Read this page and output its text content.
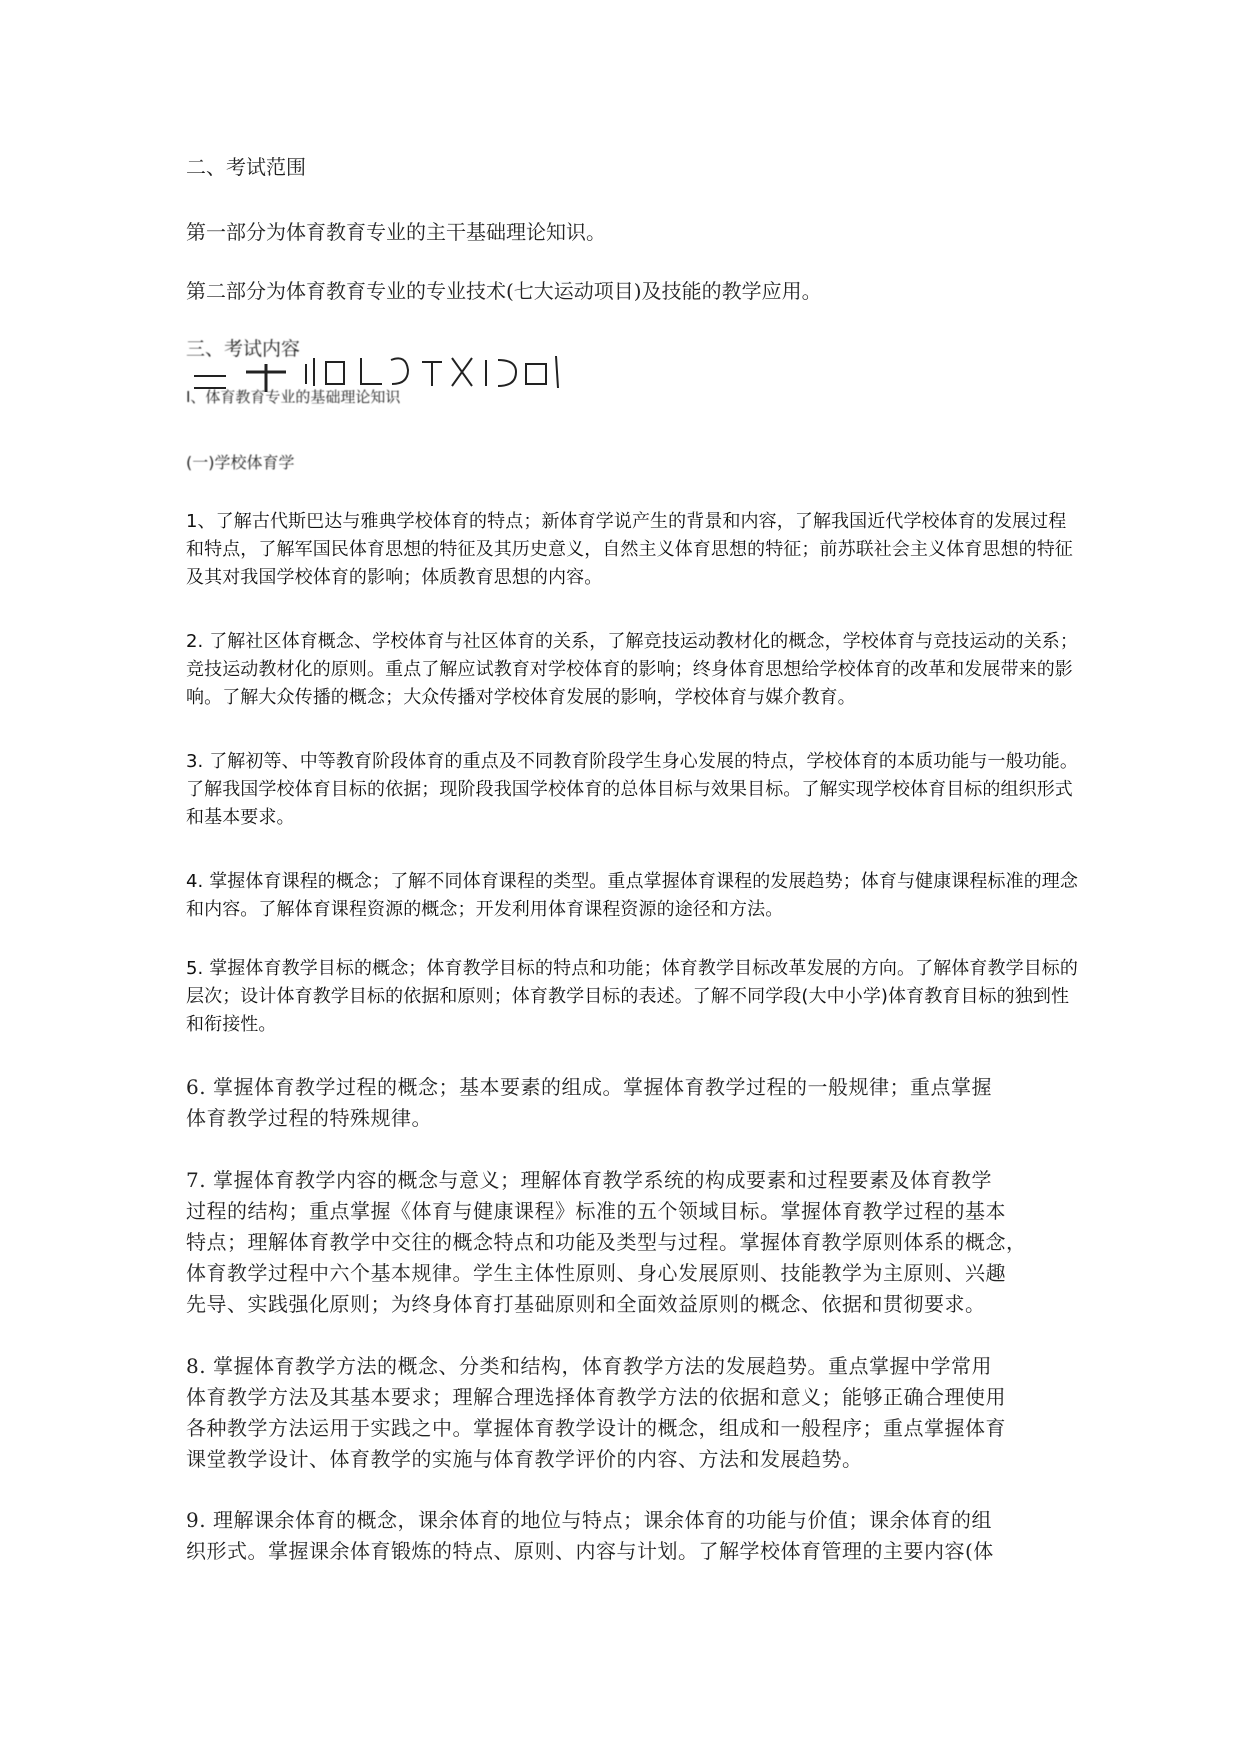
二、考试范围
第一部分为体育教育专业的主干基础理论知识。
第二部分为体育教育专业的专业技术(七大运动项目)及技能的教学应用。
三、考试内容
I、体育教育专业的基础理论知识
(一)学校体育学
1、了解古代斯巴达与雅典学校体育的特点；新体育学说产生的背景和内容，了解我国近代学校体育的发展过程
和特点，了解军国民体育思想的特征及其历史意义，自然主义体育思想的特征；前苏联社会主义体育思想的特征
及其对我国学校体育的影响；体质教育思想的内容。
2. 了解社区体育概念、学校体育与社区体育的关系，了解竞技运动教材化的概念，学校体育与竞技运动的关系；
竞技运动教材化的原则。重点了解应试教育对学校体育的影响；终身体育思想给学校体育的改革和发展带来的影
响。了解大众传播的概念；大众传播对学校体育发展的影响，学校体育与媒介教育。
3. 了解初等、中等教育阶段体育的重点及不同教育阶段学生身心发展的特点，学校体育的本质功能与一般功能。
了解我国学校体育目标的依据；现阶段我国学校体育的总体目标与效果目标。了解实现学校体育目标的组织形式
和基本要求。
4. 掌握体育课程的概念；了解不同体育课程的类型。重点掌握体育课程的发展趋势；体育与健康课程标准的理念
和内容。了解体育课程资源的概念；开发利用体育课程资源的途径和方法。
5. 掌握体育教学目标的概念；体育教学目标的特点和功能；体育教学目标改革发展的方向。了解体育教学目标的
层次；设计体育教学目标的依据和原则；体育教学目标的表述。了解不同学段(大中小学)体育教育目标的独到性
和衔接性。
6. 掌握体育教学过程的概念；基本要素的组成。掌握体育教学过程的一般规律；重点掌握
体育教学过程的特殊规律。
7. 掌握体育教学内容的概念与意义；理解体育教学系统的构成要素和过程要素及体育教学
过程的结构；重点掌握《体育与健康课程》标准的五个领域目标。掌握体育教学过程的基本
特点；理解体育教学中交往的概念特点和功能及类型与过程。掌握体育教学原则体系的概念，
体育教学过程中六个基本规律。学生主体性原则、身心发展原则、技能教学为主原则、兴趣
先导、实践强化原则；为终身体育打基础原则和全面效益原则的概念、依据和贯彻要求。
8. 掌握体育教学方法的概念、分类和结构，体育教学方法的发展趋势。重点掌握中学常用
体育教学方法及其基本要求；理解合理选择体育教学方法的依据和意义；能够正确合理使用
各种教学方法运用于实践之中。掌握体育教学设计的概念，组成和一般程序；重点掌握体育
课堂教学设计、体育教学的实施与体育教学评价的内容、方法和发展趋势。
9. 理解课余体育的概念，课余体育的地位与特点；课余体育的功能与价值；课余体育的组
织形式。掌握课余体育锻炼的特点、原则、内容与计划。了解学校体育管理的主要内容(体
